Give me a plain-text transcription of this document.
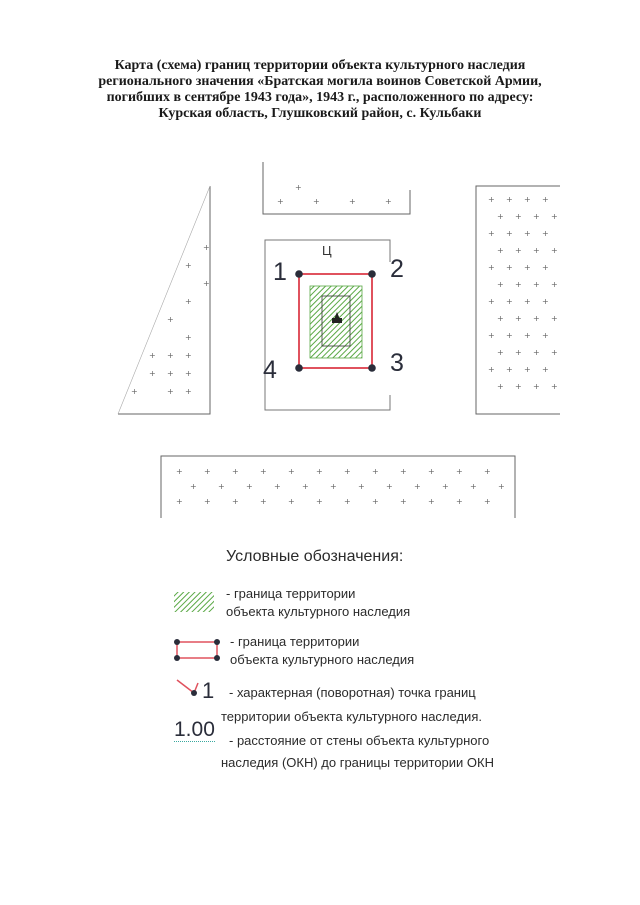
Карта (схема) границ территории объекта культурного наследия
регионального значения «Братская могила воинов Советской Армии,
погибших в сентябре 1943 года», 1943 г., расположенного по адресу:
Курская область, Глушковский район, с. Кульбаки
+
+
+
+
+
+
+ + +
+ + +
+	+ +
+
+	+	+	+	+ + + +
+ + + +
+ + + +
+ + + +
+ + + +
+ + + +
+ + + +
+ + + +
+ + + +
+ + + +
+ + + +
+ + + +
+	+	+	+	+	+	+	+	+	+	+	+
+	+	+	+	+	+	+	+	+	+	+	+
+	+	+	+	+	+	+	+	+	+	+	+
Ц
1	2
3
4
1
Условные обозначения:
- граница территории
объекта культурного наследия
- граница территории
объекта культурного наследия
- характерная (поворотная) точка границ
территории объекта культурного наследия.
1.00 - расстояние от стены объекта культурного
наследия (ОКН) до границы территории ОКН
